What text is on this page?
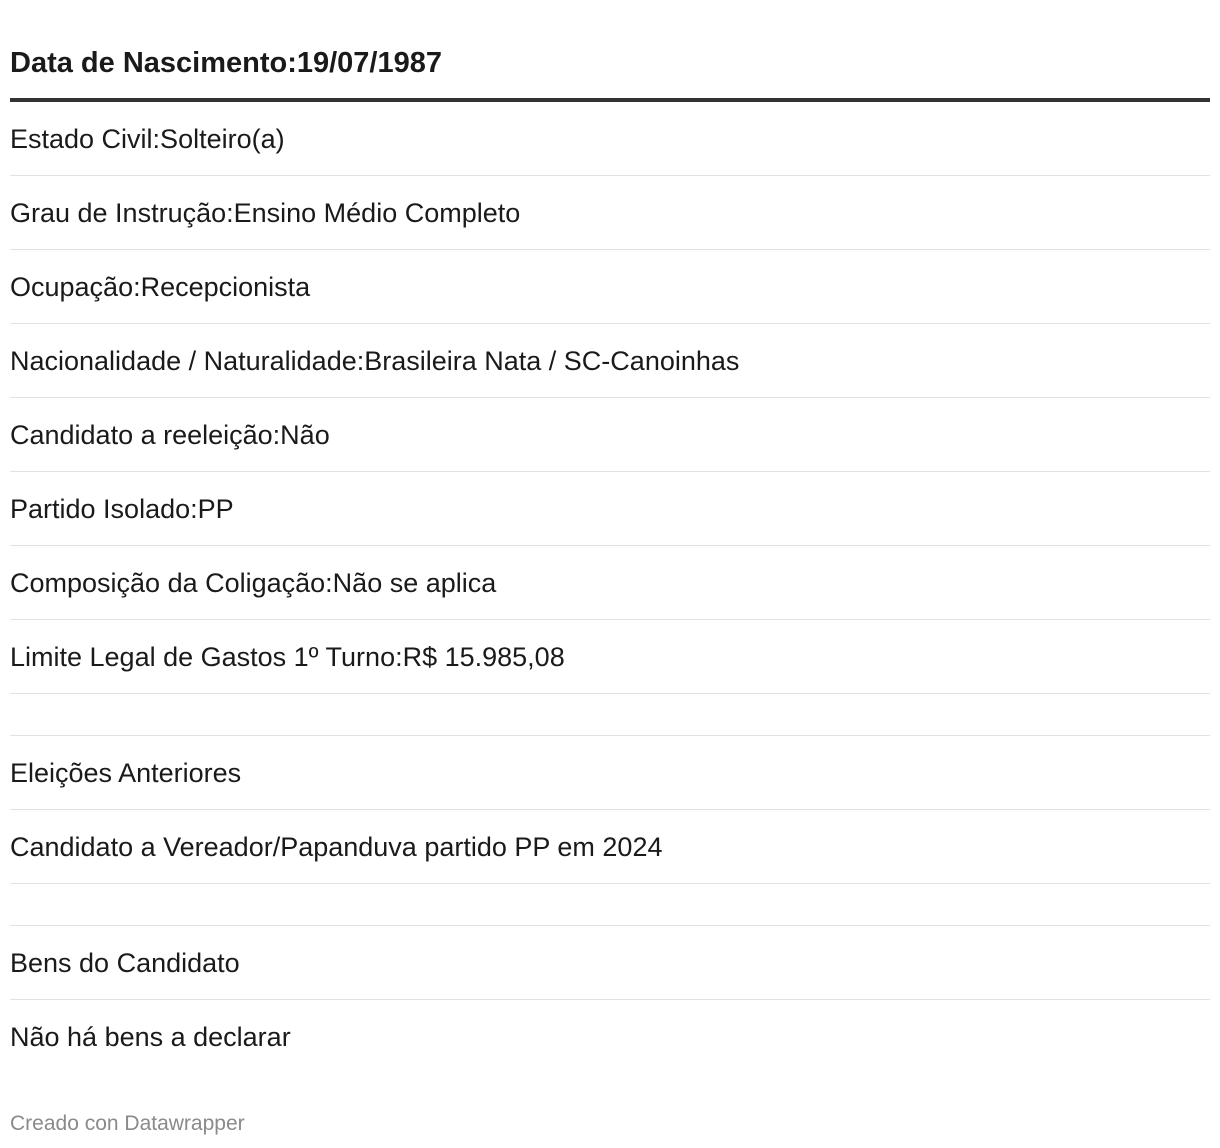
Data de Nascimento:19/07/1987
Estado Civil:Solteiro(a)
Grau de Instrução:Ensino Médio Completo
Ocupação:Recepcionista
Nacionalidade / Naturalidade:Brasileira Nata / SC-Canoinhas
Candidato a reeleição:Não
Partido Isolado:PP
Composição da Coligação:Não se aplica
Limite Legal de Gastos 1º Turno:R$ 15.985,08
Eleições Anteriores
Candidato a Vereador/Papanduva partido PP em 2024
Bens do Candidato
Não há bens a declarar
Creado con Datawrapper
